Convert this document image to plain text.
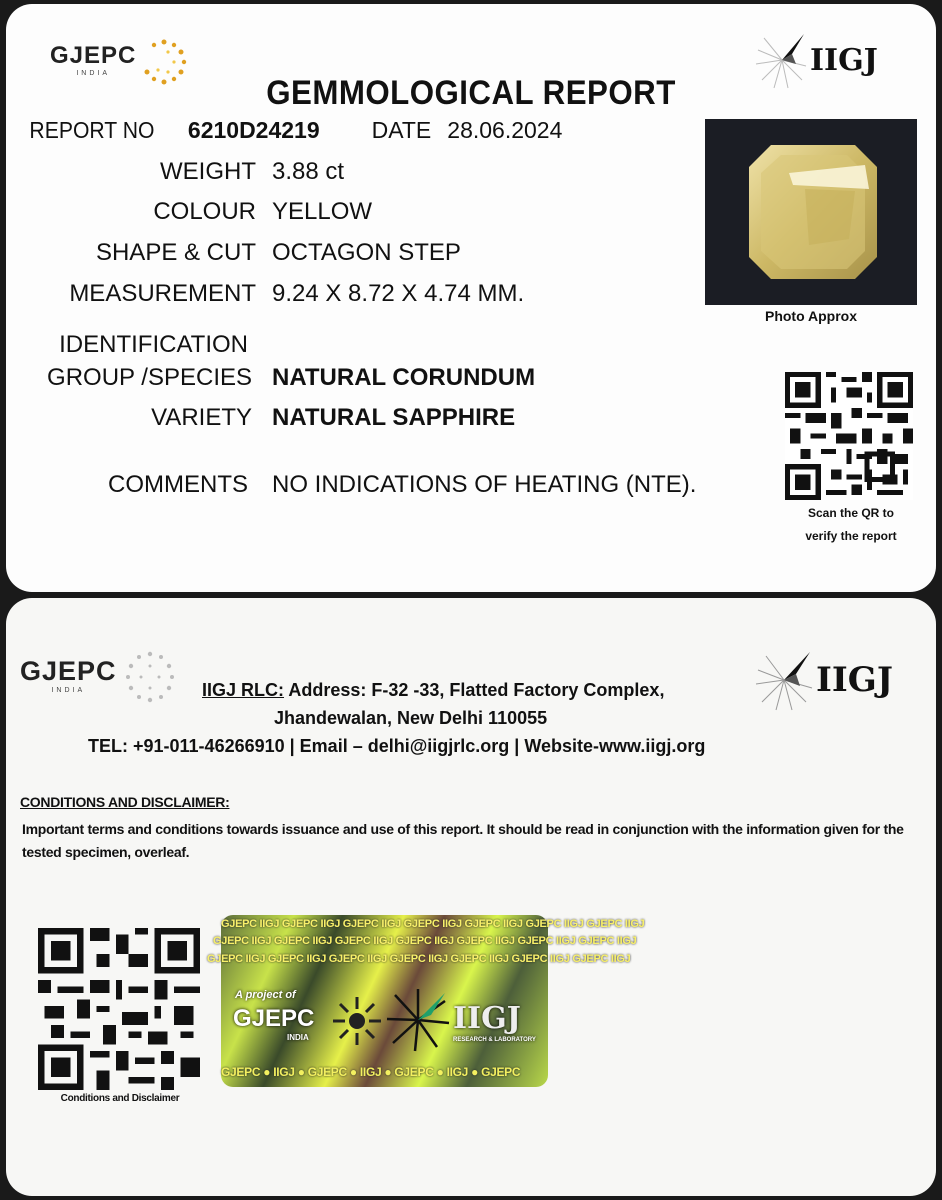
GJEPC
INDIA	IIGJ
GEMMOLOGICAL REPORT
REPORT NO 6210D24219 DATE 28.06.2024
WEIGHT 3.88 ct
COLOUR YELLOW
SHAPE & CUT OCTAGON STEP
MEASUREMENT 9.24 X 8.72 X 4.74 MM.
IDENTIFICATION
GROUP /SPECIES NATURAL CORUNDUM
VARIETY NATURAL SAPPHIRE
COMMENTS NO INDICATIONS OF HEATING (NTE).
Photo Approx
Scan the QR to
verify the report
GJEPC
INDIA	IIGJ
IIGJ RLC: Address: F-32 -33, Flatted Factory Complex,
Jhandewalan, New Delhi 110055
TEL: +91-011-46266910 | Email – delhi@iigjrlc.org | Website-www.iigj.org
CONDITIONS AND DISCLAIMER:
Important terms and conditions towards issuance and use of this report. It should be read in conjunction with the information given for the tested specimen, overleaf.
Conditions and Disclaimer
GJEPC IIGJ GJEPC IIGJ GJEPC IIGJ GJEPC IIGJ GJEPC IIGJ GJEPC IIGJ GJEPC IIGJ
GJEPC IIGJ GJEPC IIGJ GJEPC IIGJ GJEPC IIGJ GJEPC IIGJ GJEPC IIGJ GJEPC IIGJ
GJEPC IIGJ GJEPC IIGJ GJEPC IIGJ GJEPC IIGJ GJEPC IIGJ GJEPC IIGJ GJEPC IIGJ
A project of
GJEPC
INDIA
IIGJ
RESEARCH & LABORATORY
GJEPC ● IIGJ ● GJEPC ● IIGJ ● GJEPC ● IIGJ ● GJEPC
